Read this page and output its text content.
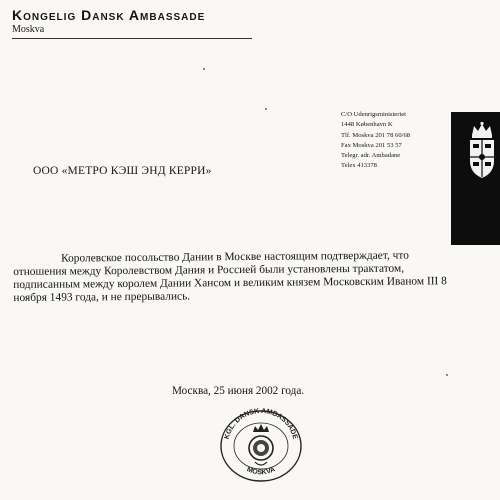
Kongelig Dansk Ambassade
Moskva
C/O Udenrigsministeriet
1448 København K
Tlf. Moskva 201 78 60/68
Fax Moskva 201 53 57
Telegr. adr. Ambadane
Telex 413378
ООО «МЕТРО КЭШ ЭНД КЕРРИ»
Королевское посольство Дании в Москве настоящим подтверждает, что
отношения между Королевством Дания и Россией были установлены трактатом,
подписанным между королем Дании Хансом и великим князем Московским Иваном III 8
ноября 1493 года, и не прерывались.
Москва, 25 июня 2002 года.
KGL. DANSK AMBASSADE
MOSKVA
